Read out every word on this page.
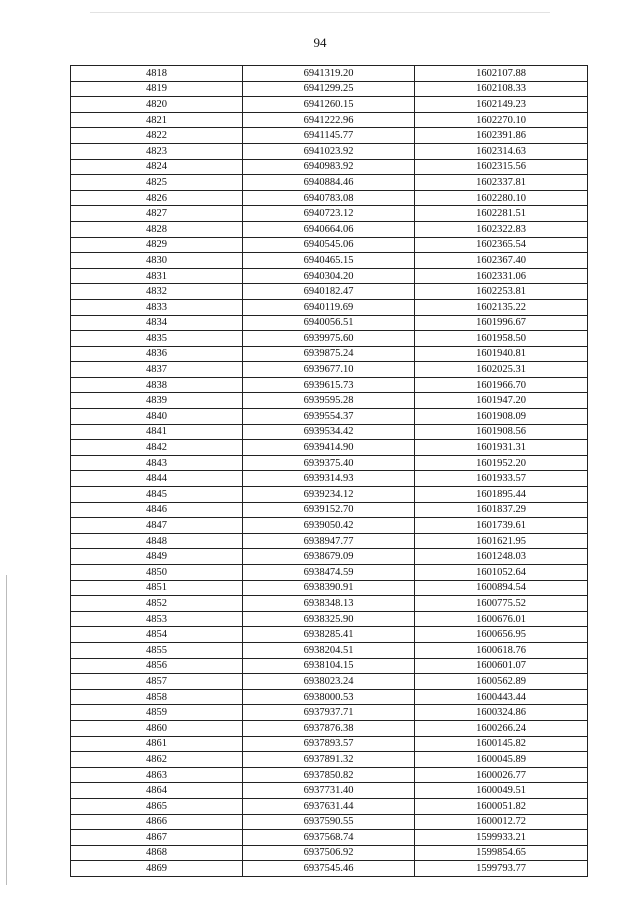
94
4818	6941319.20	1602107.88
4819	6941299.25	1602108.33
4820	6941260.15	1602149.23
4821	6941222.96	1602270.10
4822	6941145.77	1602391.86
4823	6941023.92	1602314.63
4824	6940983.92	1602315.56
4825	6940884.46	1602337.81
4826	6940783.08	1602280.10
4827	6940723.12	1602281.51
4828	6940664.06	1602322.83
4829	6940545.06	1602365.54
4830	6940465.15	1602367.40
4831	6940304.20	1602331.06
4832	6940182.47	1602253.81
4833	6940119.69	1602135.22
4834	6940056.51	1601996.67
4835	6939975.60	1601958.50
4836	6939875.24	1601940.81
4837	6939677.10	1602025.31
4838	6939615.73	1601966.70
4839	6939595.28	1601947.20
4840	6939554.37	1601908.09
4841	6939534.42	1601908.56
4842	6939414.90	1601931.31
4843	6939375.40	1601952.20
4844	6939314.93	1601933.57
4845	6939234.12	1601895.44
4846	6939152.70	1601837.29
4847	6939050.42	1601739.61
4848	6938947.77	1601621.95
4849	6938679.09	1601248.03
4850	6938474.59	1601052.64
4851	6938390.91	1600894.54
4852	6938348.13	1600775.52
4853	6938325.90	1600676.01
4854	6938285.41	1600656.95
4855	6938204.51	1600618.76
4856	6938104.15	1600601.07
4857	6938023.24	1600562.89
4858	6938000.53	1600443.44
4859	6937937.71	1600324.86
4860	6937876.38	1600266.24
4861	6937893.57	1600145.82
4862	6937891.32	1600045.89
4863	6937850.82	1600026.77
4864	6937731.40	1600049.51
4865	6937631.44	1600051.82
4866	6937590.55	1600012.72
4867	6937568.74	1599933.21
4868	6937506.92	1599854.65
4869	6937545.46	1599793.77
